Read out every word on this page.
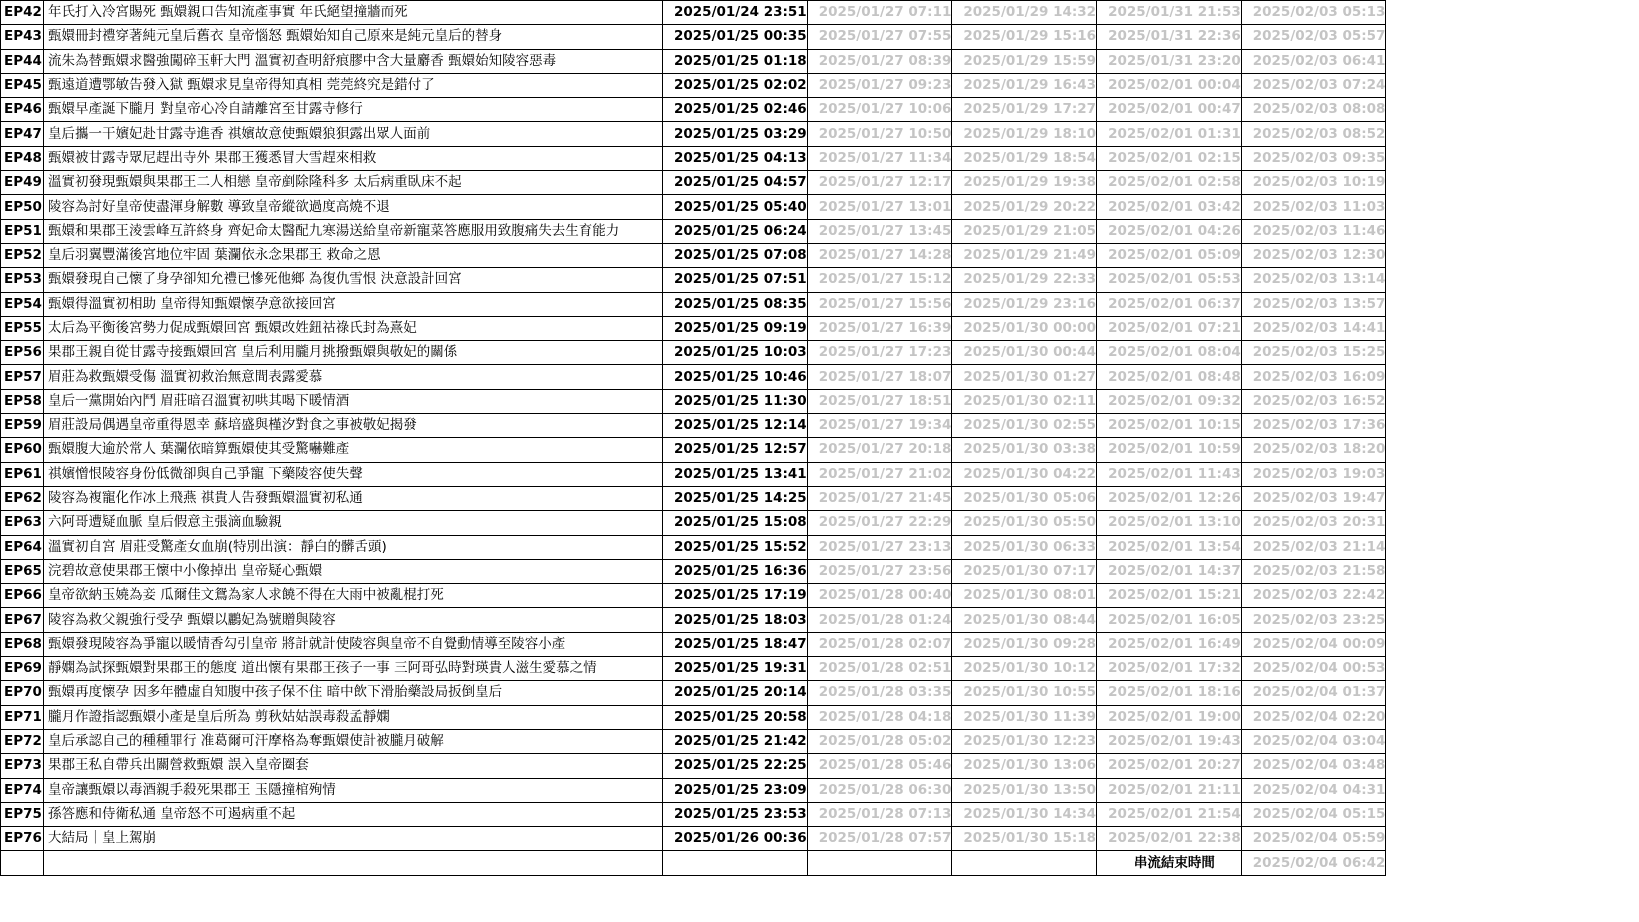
EP42	年氏打入冷宮賜死 甄嬛親口告知流產事實 年氏絕望撞牆而死	2025/01/24 23:51	2025/01/27 07:11	2025/01/29 14:32	2025/01/31 21:53	2025/02/03 05:13
EP43	甄嬛冊封禮穿著純元皇后舊衣 皇帝惱怒 甄嬛始知自己原來是純元皇后的替身	2025/01/25 00:35	2025/01/27 07:55	2025/01/29 15:16	2025/01/31 22:36	2025/02/03 05:57
EP44	流朱為替甄嬛求醫強闖碎玉軒大門 溫實初查明舒痕膠中含大量麝香 甄嬛始知陵容惡毒	2025/01/25 01:18	2025/01/27 08:39	2025/01/29 15:59	2025/01/31 23:20	2025/02/03 06:41
EP45	甄遠道遭鄂敏告發入獄 甄嬛求見皇帝得知真相 莞莞終究是錯付了	2025/01/25 02:02	2025/01/27 09:23	2025/01/29 16:43	2025/02/01 00:04	2025/02/03 07:24
EP46	甄嬛早產誕下朧月 對皇帝心冷自請離宮至甘露寺修行	2025/01/25 02:46	2025/01/27 10:06	2025/01/29 17:27	2025/02/01 00:47	2025/02/03 08:08
EP47	皇后攜一干嬪妃赴甘露寺進香 祺嬪故意使甄嬛狼狽露出眾人面前	2025/01/25 03:29	2025/01/27 10:50	2025/01/29 18:10	2025/02/01 01:31	2025/02/03 08:52
EP48	甄嬛被甘露寺眾尼趕出寺外 果郡王獲悉冒大雪趕來相救	2025/01/25 04:13	2025/01/27 11:34	2025/01/29 18:54	2025/02/01 02:15	2025/02/03 09:35
EP49	溫實初發現甄嬛與果郡王二人相戀 皇帝剷除隆科多 太后病重臥床不起	2025/01/25 04:57	2025/01/27 12:17	2025/01/29 19:38	2025/02/01 02:58	2025/02/03 10:19
EP50	陵容為討好皇帝使盡渾身解數 導致皇帝縱欲過度高燒不退	2025/01/25 05:40	2025/01/27 13:01	2025/01/29 20:22	2025/02/01 03:42	2025/02/03 11:03
EP51	甄嬛和果郡王淩雲峰互許終身 齊妃命太醫配九寒湯送給皇帝新寵菜答應服用致腹痛失去生育能力	2025/01/25 06:24	2025/01/27 13:45	2025/01/29 21:05	2025/02/01 04:26	2025/02/03 11:46
EP52	皇后羽翼豐滿後宮地位牢固 葉瀾依永念果郡王 救命之恩	2025/01/25 07:08	2025/01/27 14:28	2025/01/29 21:49	2025/02/01 05:09	2025/02/03 12:30
EP53	甄嬛發現自己懷了身孕卻知允禮已慘死他鄉 為復仇雪恨 決意設計回宮	2025/01/25 07:51	2025/01/27 15:12	2025/01/29 22:33	2025/02/01 05:53	2025/02/03 13:14
EP54	甄嬛得溫實初相助 皇帝得知甄嬛懷孕意欲接回宮	2025/01/25 08:35	2025/01/27 15:56	2025/01/29 23:16	2025/02/01 06:37	2025/02/03 13:57
EP55	太后為平衡後宮勢力促成甄嬛回宮 甄嬛改姓鈕祜祿氏封為熹妃	2025/01/25 09:19	2025/01/27 16:39	2025/01/30 00:00	2025/02/01 07:21	2025/02/03 14:41
EP56	果郡王親自從甘露寺接甄嬛回宮 皇后利用朧月挑撥甄嬛與敬妃的關係	2025/01/25 10:03	2025/01/27 17:23	2025/01/30 00:44	2025/02/01 08:04	2025/02/03 15:25
EP57	眉莊為救甄嬛受傷 溫實初救治無意間表露愛慕	2025/01/25 10:46	2025/01/27 18:07	2025/01/30 01:27	2025/02/01 08:48	2025/02/03 16:09
EP58	皇后一黨開始內鬥 眉莊暗召溫實初哄其喝下暖情酒	2025/01/25 11:30	2025/01/27 18:51	2025/01/30 02:11	2025/02/01 09:32	2025/02/03 16:52
EP59	眉莊設局偶遇皇帝重得恩幸 蘇培盛與槿汐對食之事被敬妃揭發	2025/01/25 12:14	2025/01/27 19:34	2025/01/30 02:55	2025/02/01 10:15	2025/02/03 17:36
EP60	甄嬛腹大逾於常人 葉瀾依暗算甄嬛使其受驚嚇難產	2025/01/25 12:57	2025/01/27 20:18	2025/01/30 03:38	2025/02/01 10:59	2025/02/03 18:20
EP61	祺嬪憎恨陵容身份低微卻與自己爭寵 下藥陵容使失聲	2025/01/25 13:41	2025/01/27 21:02	2025/01/30 04:22	2025/02/01 11:43	2025/02/03 19:03
EP62	陵容為複寵化作冰上飛燕 祺貴人告發甄嬛溫實初私通	2025/01/25 14:25	2025/01/27 21:45	2025/01/30 05:06	2025/02/01 12:26	2025/02/03 19:47
EP63	六阿哥遭疑血脈 皇后假意主張滴血驗親	2025/01/25 15:08	2025/01/27 22:29	2025/01/30 05:50	2025/02/01 13:10	2025/02/03 20:31
EP64	溫實初自宮 眉莊受驚產女血崩(特別出演：靜白的髒舌頭)	2025/01/25 15:52	2025/01/27 23:13	2025/01/30 06:33	2025/02/01 13:54	2025/02/03 21:14
EP65	浣碧故意使果郡王懷中小像掉出 皇帝疑心甄嬛	2025/01/25 16:36	2025/01/27 23:56	2025/01/30 07:17	2025/02/01 14:37	2025/02/03 21:58
EP66	皇帝欲納玉嬈為妾 瓜爾佳文鴛為家人求饒不得在大雨中被亂棍打死	2025/01/25 17:19	2025/01/28 00:40	2025/01/30 08:01	2025/02/01 15:21	2025/02/03 22:42
EP67	陵容為救父親強行受孕 甄嬛以鸝妃為號贈與陵容	2025/01/25 18:03	2025/01/28 01:24	2025/01/30 08:44	2025/02/01 16:05	2025/02/03 23:25
EP68	甄嬛發現陵容為爭寵以暖情香勾引皇帝 將計就計使陵容與皇帝不自覺動情導至陵容小產	2025/01/25 18:47	2025/01/28 02:07	2025/01/30 09:28	2025/02/01 16:49	2025/02/04 00:09
EP69	靜嫻為試探甄嬛對果郡王的態度 道出懷有果郡王孩子一事 三阿哥弘時對瑛貴人滋生愛慕之情	2025/01/25 19:31	2025/01/28 02:51	2025/01/30 10:12	2025/02/01 17:32	2025/02/04 00:53
EP70	甄嬛再度懷孕 因多年體虛自知腹中孩子保不住 暗中飲下滑胎藥設局扳倒皇后	2025/01/25 20:14	2025/01/28 03:35	2025/01/30 10:55	2025/02/01 18:16	2025/02/04 01:37
EP71	朧月作證指認甄嬛小產是皇后所為 剪秋姑姑誤毒殺孟靜嫻	2025/01/25 20:58	2025/01/28 04:18	2025/01/30 11:39	2025/02/01 19:00	2025/02/04 02:20
EP72	皇后承認自己的種種罪行 准葛爾可汗摩格為奪甄嬛使計被朧月破解	2025/01/25 21:42	2025/01/28 05:02	2025/01/30 12:23	2025/02/01 19:43	2025/02/04 03:04
EP73	果郡王私自帶兵出關營救甄嬛 誤入皇帝圈套	2025/01/25 22:25	2025/01/28 05:46	2025/01/30 13:06	2025/02/01 20:27	2025/02/04 03:48
EP74	皇帝讓甄嬛以毒酒親手殺死果郡王 玉隱撞棺殉情	2025/01/25 23:09	2025/01/28 06:30	2025/01/30 13:50	2025/02/01 21:11	2025/02/04 04:31
EP75	孫答應和侍衛私通 皇帝怒不可遏病重不起	2025/01/25 23:53	2025/01/28 07:13	2025/01/30 14:34	2025/02/01 21:54	2025/02/04 05:15
EP76	大結局｜皇上駕崩	2025/01/26 00:36	2025/01/28 07:57	2025/01/30 15:18	2025/02/01 22:38	2025/02/04 05:59
					串流結束時間	2025/02/04 06:42
